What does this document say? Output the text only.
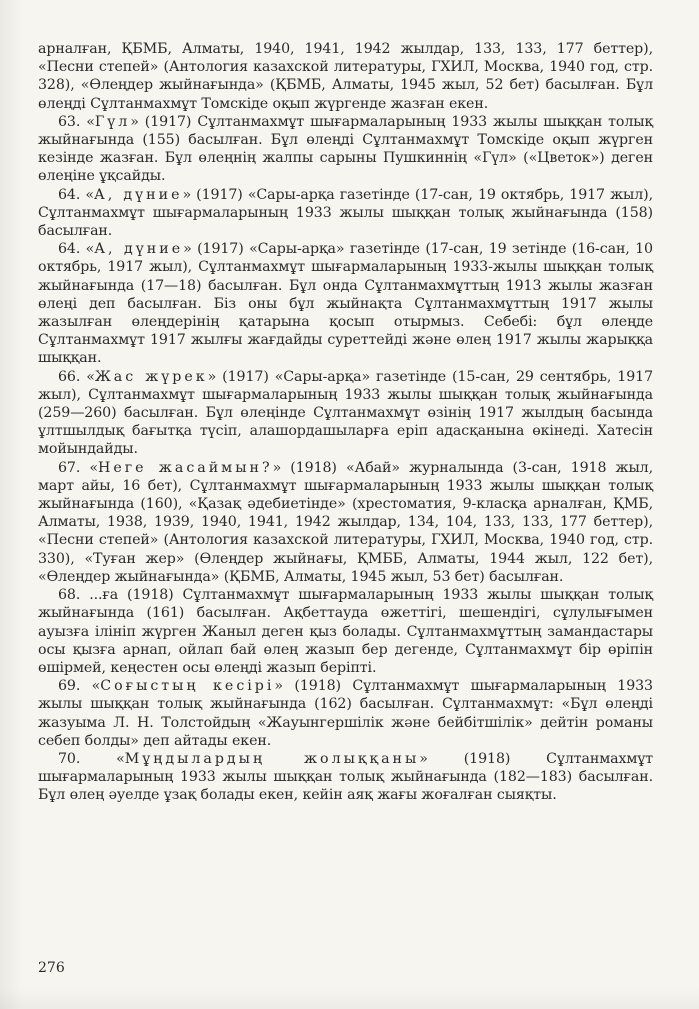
арналған, ҚБМБ, Алматы, 1940, 1941, 1942 жылдар, 133, 133, 177 беттер), «Песни степей» (Антология казахской литературы, ГХИЛ, Москва, 1940 год, стр. 328), «Өлеңдер жыйнағында» (ҚБМБ, Алматы, 1945 жыл, 52 бет) басылған. Бұл өлеңді Сұлтанмахмұт Томскіде оқып жүргенде жазған екен.

63. «Гүл» (1917) Сұлтанмахмұт шығармаларының 1933 жылы шыққан толық жыйнағында (155) басылған. Бұл өлеңді Сұлтанмахмұт Томскіде оқып жүрген кезінде жазған. Бұл өлеңнің жалпы сарыны Пушкиннің «Гүл» («Цветок») деген өлеңіне ұқсайды.

64. «А, дүние» (1917) «Сары-арқа газетінде (17-сан, 19 октябрь, 1917 жыл), Сұлтанмахмұт шығармаларының 1933 жылы шыққан толық жыйнағында (158) басылған.

64. «А, дүние» (1917) «Сары-арқа» газетінде (17-сан, 19 зетінде (16-сан, 10 октябрь, 1917 жыл), Сұлтанмахмұт шығармаларының 1933-жылы шыққан толық жыйнағында (17—18) басылған. Бұл онда Сұлтанмахмұттың 1913 жылы жазған өлеңі деп басылған. Біз оны бұл жыйнақта Сұлтанмахмұттың 1917 жылы жазылған өлеңдерінің қатарына қосып отырмыз. Себебі: бұл өлеңде Сұлтанмахмұт 1917 жылғы жағдайды суреттейді және өлең 1917 жылы жарыққа шыққан.

66. «Жас жүрек» (1917) «Сары-арқа» газетінде (15-сан, 29 сентябрь, 1917 жыл), Сұлтанмахмұт шығармаларының 1933 жылы шыққан толық жыйнағында (259—260) басылған. Бұл өлеңінде Сұлтанмахмұт өзінің 1917 жылдың басында ұлтшылдық бағытқа түсіп, алашордашыларға еріп адасқанына өкінеді. Хатесін мойындайды.

67. «Неге жасаймын?» (1918) «Абай» журналында (3-сан, 1918 жыл, март айы, 16 бет), Сұлтанмахмұт шығармаларының 1933 жылы шыққан толық жыйнағында (160), «Қазақ әдебиетінде» (хрестоматия, 9-класқа арналған, ҚМБ, Алматы, 1938, 1939, 1940, 1941, 1942 жылдар, 134, 104, 133, 133, 177 беттер), «Песни степей» (Антология казахской литературы, ГХИЛ, Москва, 1940 год, стр. 330), «Туған жер» (Өлеңдер жыйнағы, ҚМББ, Алматы, 1944 жыл, 122 бет), «Өлеңдер жыйнағында» (ҚБМБ, Алматы, 1945 жыл, 53 бет) басылған.

68. ...ға (1918) Сұлтанмахмұт шығармаларының 1933 жылы шыққан толық жыйнағында (161) басылған. Ақбеттауда өжеттігі, шешендігі, сұлулығымен ауызға ілініп жүрген Жаныл деген қыз болады. Сұлтанмахмұттың замандастары осы қызға арнап, ойлап бай өлең жазып бер дегенде, Сұлтанмахмұт бір өріпін өшірмей, кеңестен осы өлеңді жазып беріпті.

69. «Соғыстың кесірі» (1918) Сұлтанмахмұт шығармаларының 1933 жылы шыққан толық жыйнағында (162) басылған. Сұлтанмахмұт: «Бұл өлеңді жазуыма Л. Н. Толстойдың «Жауынгершілік және бейбітшілік» дейтін романы себеп болды» деп айтады екен.

70. «Мұңдылардың жолыққаны» (1918) Сұлтанмахмұт шығармаларының 1933 жылы шыққан толық жыйнағында (182—183) басылған. Бұл өлең әуелде ұзақ болады екен, кейін аяқ жағы жоғалған сыяқты.

276
